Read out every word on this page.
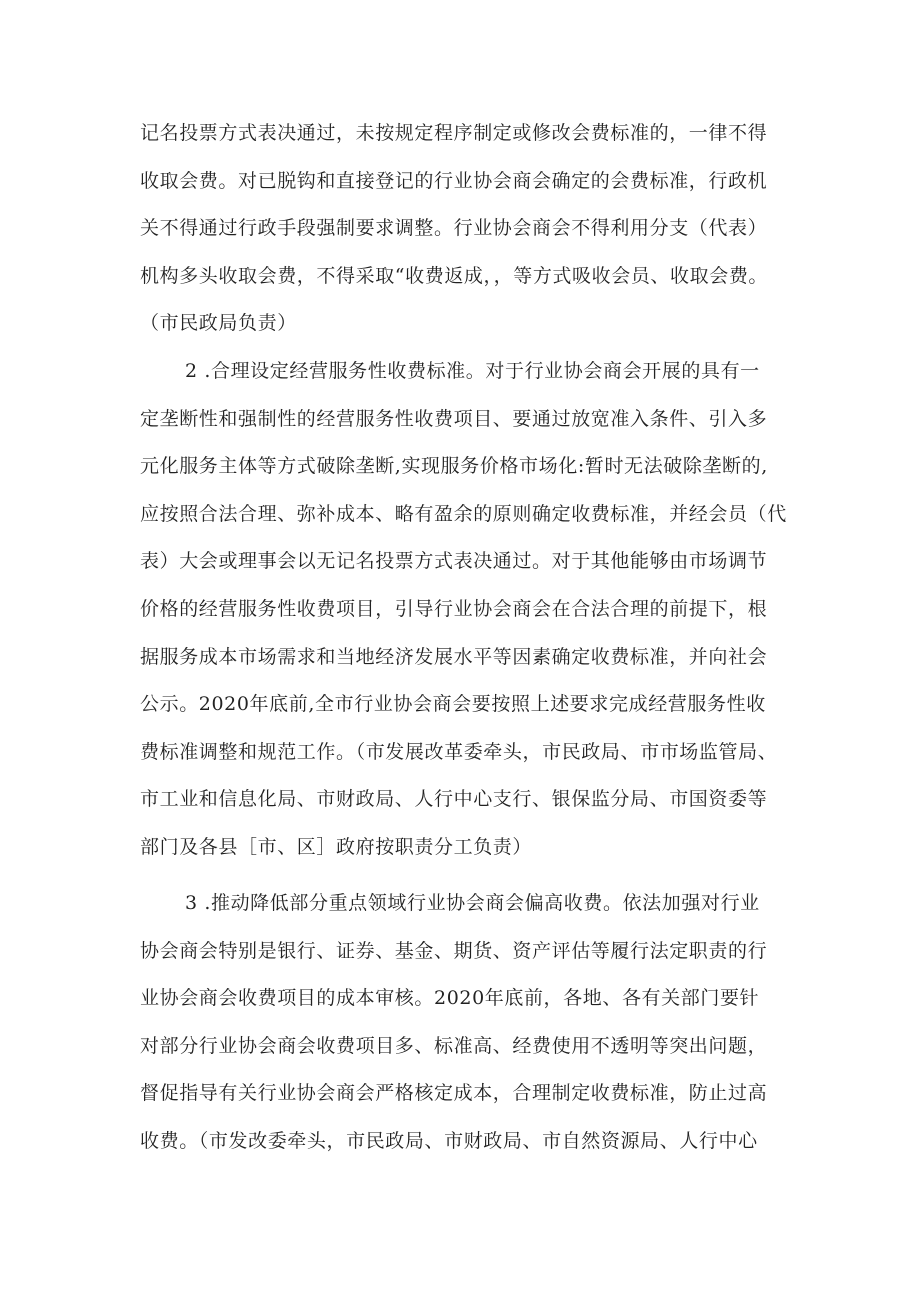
记名投票方式表决通过，未按规定程序制定或修改会费标准的，一律不得
收取会费。对已脱钩和直接登记的行业协会商会确定的会费标准，行政机
关不得通过行政手段强制要求调整。行业协会商会不得利用分支（代表）
机构多头收取会费，不得采取“收费返成，，等方式吸收会员、收取会费。
（市民政局负责）
2 .合理设定经营服务性收费标准。对于行业协会商会开展的具有一
定垄断性和强制性的经营服务性收费项目、要通过放宽准入条件、引入多
元化服务主体等方式破除垄断,实现服务价格市场化:暂时无法破除垄断的,
应按照合法合理、弥补成本、略有盈余的原则确定收费标准，并经会员（代
表）大会或理事会以无记名投票方式表决通过。对于其他能够由市场调节
价格的经营服务性收费项目，引导行业协会商会在合法合理的前提下，根
据服务成本市场需求和当地经济发展水平等因素确定收费标准，并向社会
公示。2020年底前,全市行业协会商会要按照上述要求完成经营服务性收
费标准调整和规范工作。（市发展改革委牵头，市民政局、市市场监管局、
市工业和信息化局、市财政局、人行中心支行、银保监分局、市国资委等
部门及各县［市、区］政府按职责分工负责）
3 .推动降低部分重点领域行业协会商会偏高收费。依法加强对行业
协会商会特别是银行、证券、基金、期货、资产评估等履行法定职责的行
业协会商会收费项目的成本审核。2020年底前，各地、各有关部门要针
对部分行业协会商会收费项目多、标准高、经费使用不透明等突出问题，
督促指导有关行业协会商会严格核定成本，合理制定收费标准，防止过高
收费。（市发改委牵头，市民政局、市财政局、市自然资源局、人行中心
